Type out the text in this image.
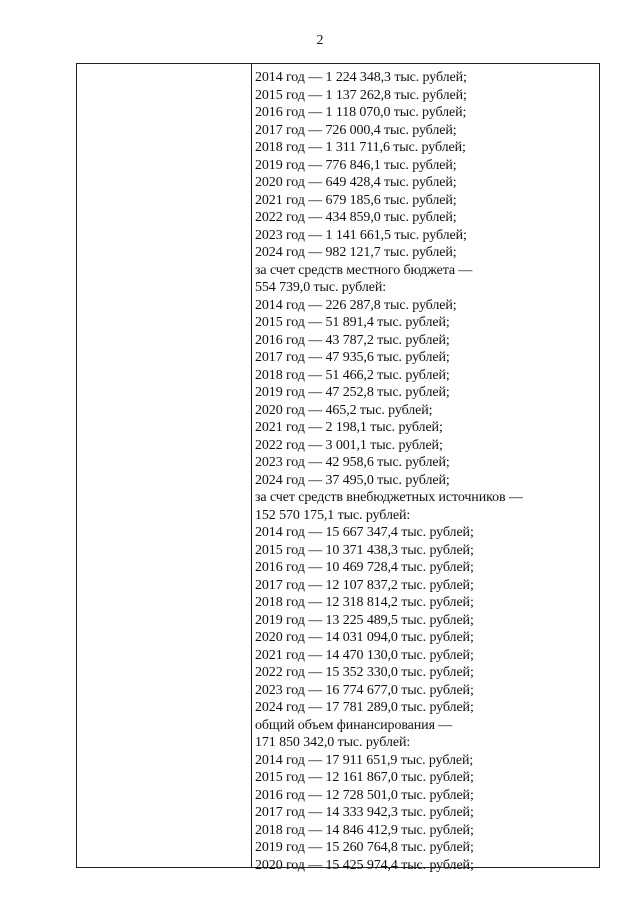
2
2014 год — 1 224 348,3 тыс. рублей;
2015 год — 1 137 262,8 тыс. рублей;
2016 год — 1 118 070,0 тыс. рублей;
2017 год — 726 000,4 тыс. рублей;
2018 год — 1 311 711,6 тыс. рублей;
2019 год — 776 846,1 тыс. рублей;
2020 год — 649 428,4 тыс. рублей;
2021 год — 679 185,6 тыс. рублей;
2022 год — 434 859,0 тыс. рублей;
2023 год — 1 141 661,5 тыс. рублей;
2024 год — 982 121,7 тыс. рублей;
за счет средств местного бюджета —
554 739,0 тыс. рублей:
2014 год — 226 287,8 тыс. рублей;
2015 год — 51 891,4 тыс. рублей;
2016 год — 43 787,2 тыс. рублей;
2017 год — 47 935,6 тыс. рублей;
2018 год — 51 466,2 тыс. рублей;
2019 год — 47 252,8 тыс. рублей;
2020 год — 465,2 тыс. рублей;
2021 год — 2 198,1 тыс. рублей;
2022 год — 3 001,1 тыс. рублей;
2023 год — 42 958,6 тыс. рублей;
2024 год — 37 495,0 тыс. рублей;
за счет средств внебюджетных источников —
152 570 175,1 тыс. рублей:
2014 год — 15 667 347,4 тыс. рублей;
2015 год — 10 371 438,3 тыс. рублей;
2016 год — 10 469 728,4 тыс. рублей;
2017 год — 12 107 837,2 тыс. рублей;
2018 год — 12 318 814,2 тыс. рублей;
2019 год — 13 225 489,5 тыс. рублей;
2020 год — 14 031 094,0 тыс. рублей;
2021 год — 14 470 130,0 тыс. рублей;
2022 год — 15 352 330,0 тыс. рублей;
2023 год — 16 774 677,0 тыс. рублей;
2024 год — 17 781 289,0 тыс. рублей;
общий объем финансирования —
171 850 342,0 тыс. рублей:
2014 год — 17 911 651,9 тыс. рублей;
2015 год — 12 161 867,0 тыс. рублей;
2016 год — 12 728 501,0 тыс. рублей;
2017 год — 14 333 942,3 тыс. рублей;
2018 год — 14 846 412,9 тыс. рублей;
2019 год — 15 260 764,8 тыс. рублей;
2020 год — 15 425 974,4 тыс. рублей;
